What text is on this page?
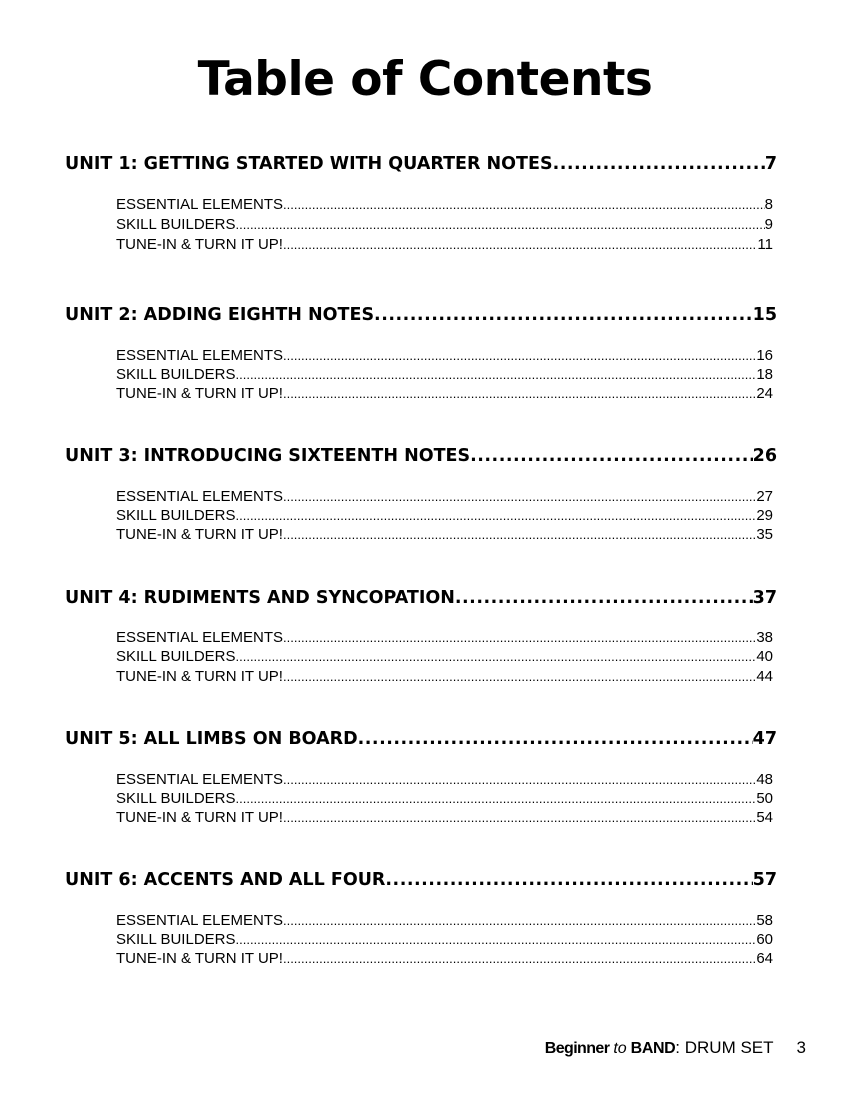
Table of Contents
UNIT 1: GETTING STARTED WITH QUARTER NOTES .....	7
ESSENTIAL ELEMENTS .....	8
SKILL BUILDERS .....	9
TUNE-IN & TURN IT UP! .....	11
UNIT 2: ADDING EIGHTH NOTES .....	15
ESSENTIAL ELEMENTS .....	16
SKILL BUILDERS .....	18
TUNE-IN & TURN IT UP! .....	24
UNIT 3: INTRODUCING SIXTEENTH NOTES .....	26
ESSENTIAL ELEMENTS .....	27
SKILL BUILDERS .....	29
TUNE-IN & TURN IT UP! .....	35
UNIT 4: RUDIMENTS AND SYNCOPATION .....	37
ESSENTIAL ELEMENTS .....	38
SKILL BUILDERS .....	40
TUNE-IN & TURN IT UP! .....	44
UNIT 5: ALL LIMBS ON BOARD .....	47
ESSENTIAL ELEMENTS .....	48
SKILL BUILDERS .....	50
TUNE-IN & TURN IT UP! .....	54
UNIT 6: ACCENTS AND ALL FOUR .....	57
ESSENTIAL ELEMENTS .....	58
SKILL BUILDERS .....	60
TUNE-IN & TURN IT UP! .....	64
Beginner to BAND : DRUM SET 3
